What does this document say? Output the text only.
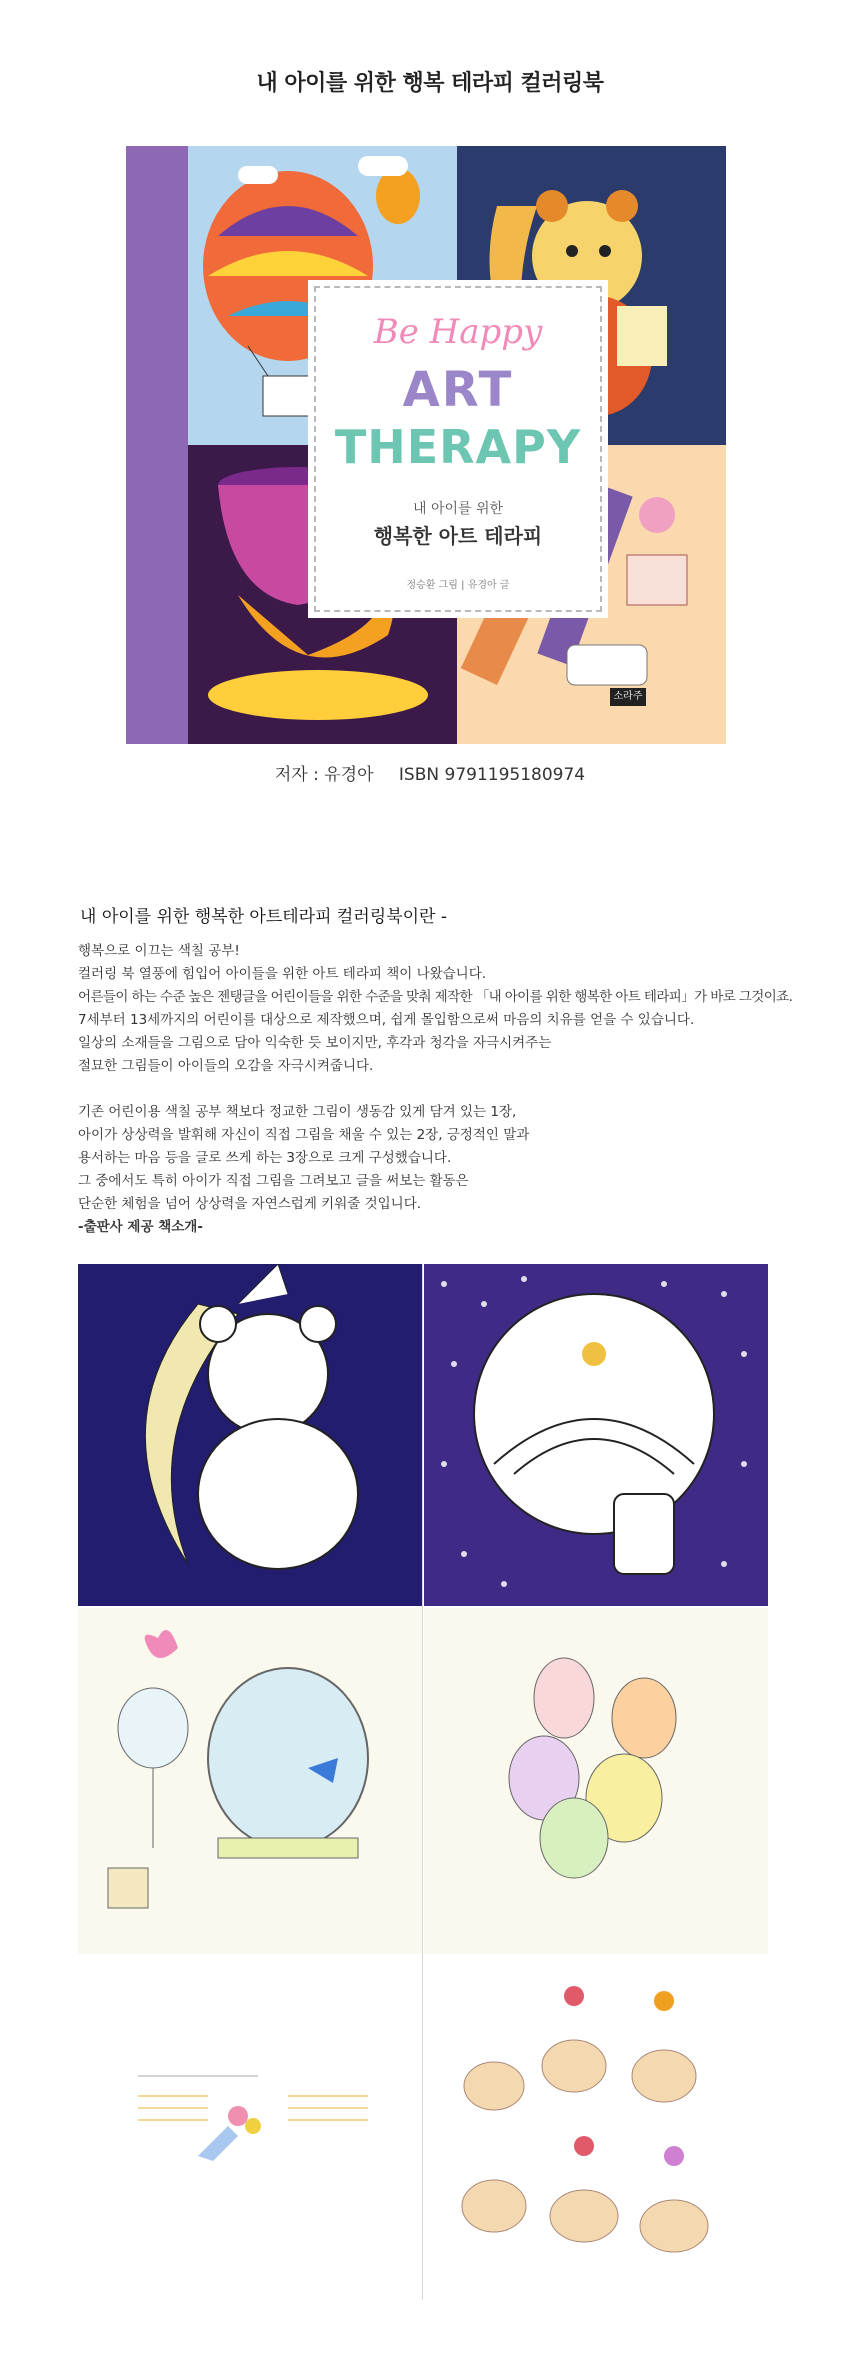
내 아이를 위한 행복 테라피 컬러링북
Be Happy
ART
THERAPY
내 아이를 위한
행복한 아트 테라피
정승환 그림 | 유경아 글
소라주
저자 : 유경아 ISBN 9791195180974
내 아이를 위한 행복한 아트테라피 컬러링북이란 -

행복으로 이끄는 색칠 공부!

컬러링 북 열풍에 힘입어 아이들을 위한 아트 테라피 책이 나왔습니다.

어른들이 하는 수준 높은 젠탱글을 어린이들을 위한 수준을 맞춰 제작한 「내 아이를 위한 행복한 아트 테라피」가 바로 그것이죠.

7세부터 13세까지의 어린이를 대상으로 제작했으며, 쉽게 몰입함으로써 마음의 치유를 얻을 수 있습니다.

일상의 소재들을 그림으로 담아 익숙한 듯 보이지만, 후각과 청각을 자극시켜주는

절묘한 그림들이 아이들의 오감을 자극시켜줍니다.

기존 어린이용 색칠 공부 책보다 정교한 그림이 생동감 있게 담겨 있는 1장,

아이가 상상력을 발휘해 자신이 직접 그림을 채울 수 있는 2장, 긍정적인 말과

용서하는 마음 등을 글로 쓰게 하는 3장으로 크게 구성했습니다.

그 중에서도 특히 아이가 직접 그림을 그려보고 글을 써보는 활동은

단순한 체험을 넘어 상상력을 자연스럽게 키워줄 것입니다.

-출판사 제공 책소개-
